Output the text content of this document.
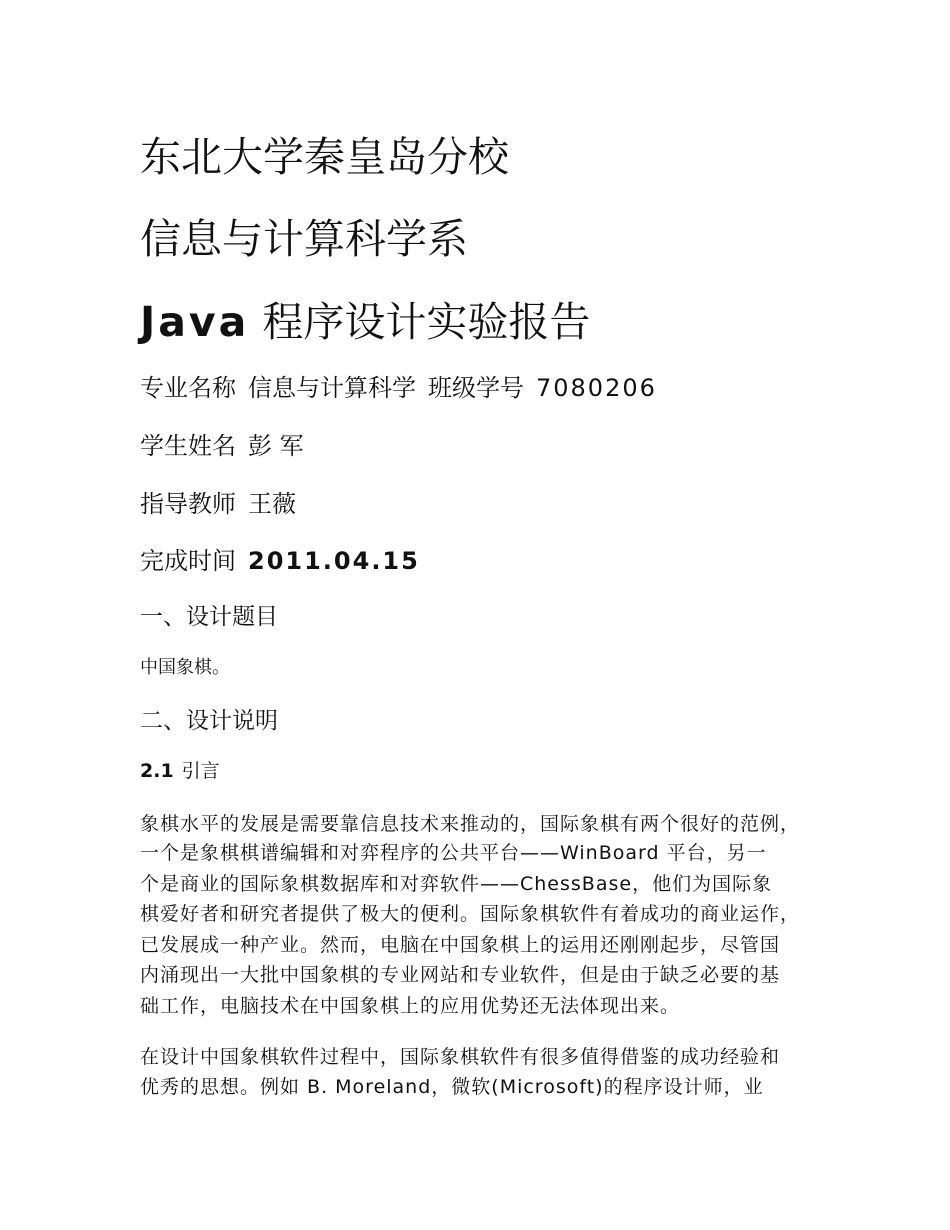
东北大学秦皇岛分校
信息与计算科学系
Java 程序设计实验报告
专业名称 信息与计算科学 班级学号 7080206
学生姓名 彭 军
指导教师 王薇
完成时间 2011.04.15
一、设计题目
中国象棋。
二、设计说明
2.1 引言
象棋水平的发展是需要靠信息技术来推动的，国际象棋有两个很好的范例，
一个是象棋棋谱编辑和对弈程序的公共平台——WinBoard 平台，另一
个是商业的国际象棋数据库和对弈软件——ChessBase，他们为国际象
棋爱好者和研究者提供了极大的便利。国际象棋软件有着成功的商业运作，
已发展成一种产业。然而，电脑在中国象棋上的运用还刚刚起步，尽管国
内涌现出一大批中国象棋的专业网站和专业软件，但是由于缺乏必要的基
础工作，电脑技术在中国象棋上的应用优势还无法体现出来。
在设计中国象棋软件过程中，国际象棋软件有很多值得借鉴的成功经验和
优秀的思想。例如 B. Moreland，微软(Microsoft)的程序设计师，业
